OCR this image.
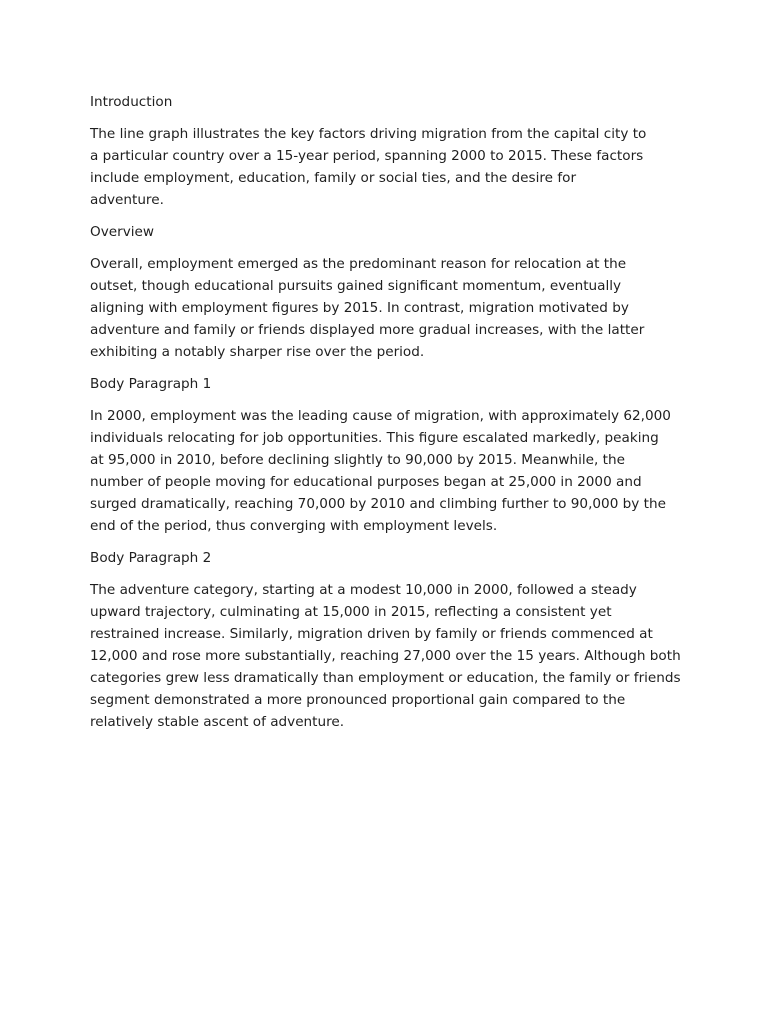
Introduction

The line graph illustrates the key factors driving migration from the capital city to a particular country over a 15-year period, spanning 2000 to 2015. These factors include employment, education, family or social ties, and the desire for adventure.

Overview

Overall, employment emerged as the predominant reason for relocation at the outset, though educational pursuits gained significant momentum, eventually aligning with employment figures by 2015. In contrast, migration motivated by adventure and family or friends displayed more gradual increases, with the latter exhibiting a notably sharper rise over the period.

Body Paragraph 1

In 2000, employment was the leading cause of migration, with approximately 62,000 individuals relocating for job opportunities. This figure escalated markedly, peaking at 95,000 in 2010, before declining slightly to 90,000 by 2015. Meanwhile, the number of people moving for educational purposes began at 25,000 in 2000 and surged dramatically, reaching 70,000 by 2010 and climbing further to 90,000 by the end of the period, thus converging with employment levels.

Body Paragraph 2

The adventure category, starting at a modest 10,000 in 2000, followed a steady upward trajectory, culminating at 15,000 in 2015, reflecting a consistent yet restrained increase. Similarly, migration driven by family or friends commenced at 12,000 and rose more substantially, reaching 27,000 over the 15 years. Although both categories grew less dramatically than employment or education, the family or friends segment demonstrated a more pronounced proportional gain compared to the relatively stable ascent of adventure.
